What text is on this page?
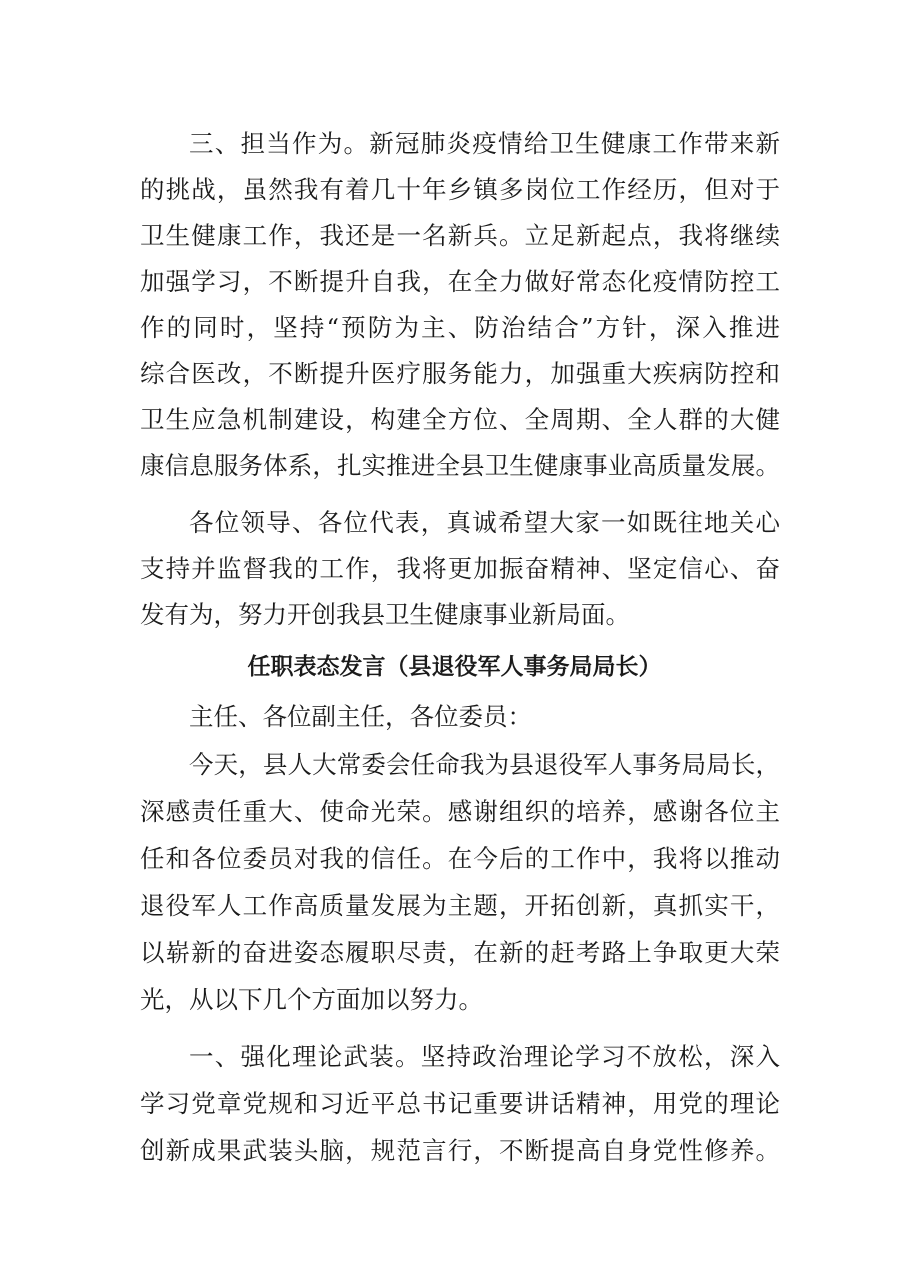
三、担当作为。新冠肺炎疫情给卫生健康工作带来新
的挑战，虽然我有着几十年乡镇多岗位工作经历，但对于
卫生健康工作，我还是一名新兵。立足新起点，我将继续
加强学习，不断提升自我，在全力做好常态化疫情防控工
作的同时，坚持“预防为主、防治结合”方针，深入推进
综合医改，不断提升医疗服务能力，加强重大疾病防控和
卫生应急机制建设，构建全方位、全周期、全人群的大健
康信息服务体系，扎实推进全县卫生健康事业高质量发展。
各位领导、各位代表，真诚希望大家一如既往地关心
支持并监督我的工作，我将更加振奋精神、坚定信心、奋
发有为，努力开创我县卫生健康事业新局面。
任职表态发言（县退役军人事务局局长）
主任、各位副主任，各位委员：
今天，县人大常委会任命我为县退役军人事务局局长，
深感责任重大、使命光荣。感谢组织的培养，感谢各位主
任和各位委员对我的信任。在今后的工作中，我将以推动
退役军人工作高质量发展为主题，开拓创新，真抓实干，
以崭新的奋进姿态履职尽责，在新的赶考路上争取更大荣
光，从以下几个方面加以努力。
一、强化理论武装。坚持政治理论学习不放松，深入
学习党章党规和习近平总书记重要讲话精神，用党的理论
创新成果武装头脑，规范言行，不断提高自身党性修养。
